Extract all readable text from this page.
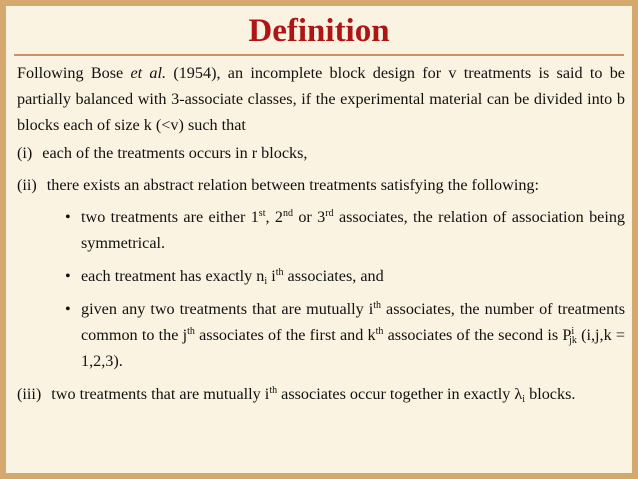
Definition

Following Bose et al. (1954), an incomplete block design for v treatments is said to be partially balanced with 3-associate classes, if the experimental material can be divided into b blocks each of size k (<v) such that

(i) each of the treatments occurs in r blocks,
(ii) there exists an abstract relation between treatments satisfying the following:
• two treatments are either 1st, 2nd or 3rd associates, the relation of association being symmetrical.
• each treatment has exactly $n_i$ $i^{th}$ associates, and
• given any two treatments that are mutually $i^{th}$ associates, the number of treatments common to the $j^{th}$ associates of the first and $k^{th}$ associates of the second is $P^i_{jk}$ (i,j,k = 1,2,3).
(iii) two treatments that are mutually $i^{th}$ associates occur together in exactly $\lambda_i$ blocks.
